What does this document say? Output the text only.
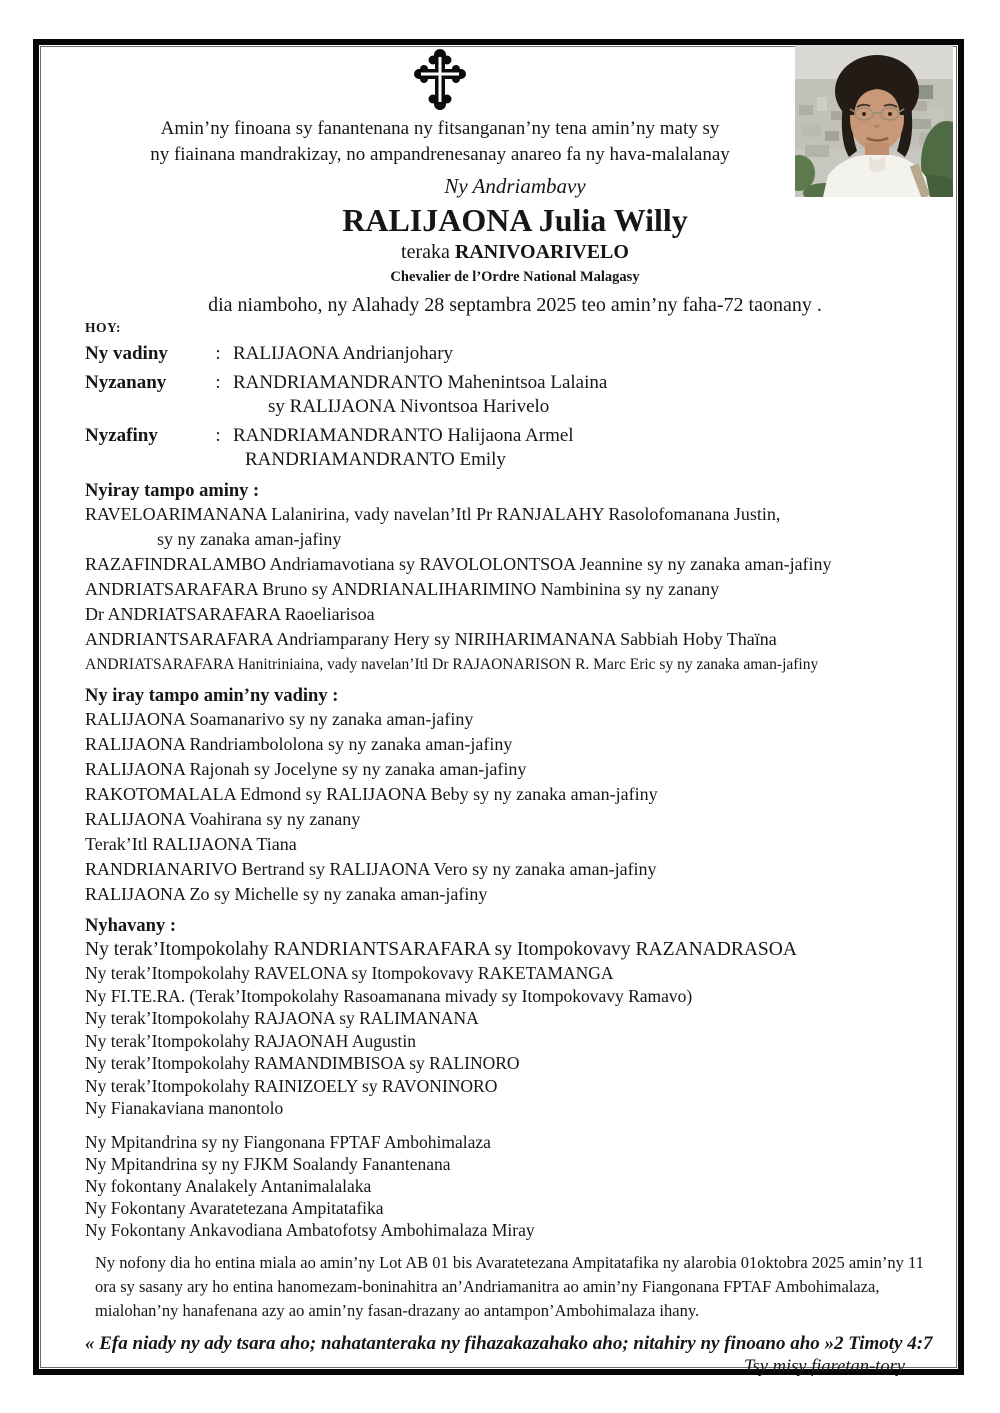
Amin’ny finoana sy fanantenana ny fitsanganan’ny tena amin’ny maty sy
ny fiainana mandrakizay, no ampandrenesanay anareo fa ny hava-malalanay
Ny Andriambavy
RALIJAONA Julia Willy
teraka RANIVOARIVELO
Chevalier de l’Ordre National Malagasy
dia niamboho, ny Alahady 28 septambra 2025 teo amin’ny faha-72 taonany .
HOY:
Ny vadiny	: RALIJAONA Andrianjohary
Nyzanany	: RANDRIAMANDRANTO Mahenintsoa Lalaina
sy RALIJAONA Nivontsoa Harivelo
Nyzafiny	: RANDRIAMANDRANTO Halijaona Armel
RANDRIAMANDRANTO Emily
Nyiray tampo aminy :
RAVELOARIMANANA Lalanirina, vady navelan’Itl Pr RANJALAHY Rasolofomanana Justin,
sy ny zanaka aman-jafiny
RAZAFINDRALAMBO Andriamavotiana sy RAVOLOLONTSOA Jeannine sy ny zanaka aman-jafiny
ANDRIATSARAFARA Bruno sy ANDRIANALIHARIMINO Nambinina sy ny zanany
Dr ANDRIATSARAFARA Raoeliarisoa
ANDRIANTSARAFARA Andriamparany Hery sy NIRIHARIMANANA Sabbiah Hoby Thaïna
ANDRIATSARAFARA Hanitriniaina, vady navelan’Itl Dr RAJAONARISON R. Marc Eric sy ny zanaka aman-jafiny
Ny iray tampo amin’ny vadiny :
RALIJAONA Soamanarivo sy ny zanaka aman-jafiny
RALIJAONA Randriambololona sy ny zanaka aman-jafiny
RALIJAONA Rajonah sy Jocelyne sy ny zanaka aman-jafiny
RAKOTOMALALA Edmond sy RALIJAONA Beby sy ny zanaka aman-jafiny
RALIJAONA Voahirana sy ny zanany
Terak’Itl RALIJAONA Tiana
RANDRIANARIVO Bertrand sy RALIJAONA Vero sy ny zanaka aman-jafiny
RALIJAONA Zo sy Michelle sy ny zanaka aman-jafiny
Nyhavany :
Ny terak’Itompokolahy RANDRIANTSARAFARA sy Itompokovavy RAZANADRASOA
Ny terak’Itompokolahy RAVELONA sy Itompokovavy RAKETAMANGA
Ny FI.TE.RA. (Terak’Itompokolahy Rasoamanana mivady sy Itompokovavy Ramavo)
Ny terak’Itompokolahy RAJAONA sy RALIMANANA
Ny terak’Itompokolahy RAJAONAH Augustin
Ny terak’Itompokolahy RAMANDIMBISOA sy RALINORO
Ny terak’Itompokolahy RAINIZOELY sy RAVONINORO
Ny Fianakaviana manontolo
Ny Mpitandrina sy ny Fiangonana FPTAF Ambohimalaza
Ny Mpitandrina sy ny FJKM Soalandy Fanantenana
Ny fokontany Analakely Antanimalalaka
Ny Fokontany Avaratetezana Ampitatafika
Ny Fokontany Ankavodiana Ambatofotsy Ambohimalaza Miray
Ny nofony dia ho entina miala ao amin’ny Lot AB 01 bis Avaratetezana Ampitatafika ny alarobia 01oktobra 2025 amin’ny 11 ora sy sasany ary ho entina hanomezam-boninahitra an’Andriamanitra ao amin’ny Fiangonana FPTAF Ambohimalaza, mialohan’ny hanafenana azy ao amin’ny fasan-drazany ao antampon’Ambohimalaza ihany.
« Efa niady ny ady tsara aho; nahatanteraka ny fihazakazahako aho; nitahiry ny finoano aho »2 Timoty 4:7
Tsy misy fiaretan-tory
